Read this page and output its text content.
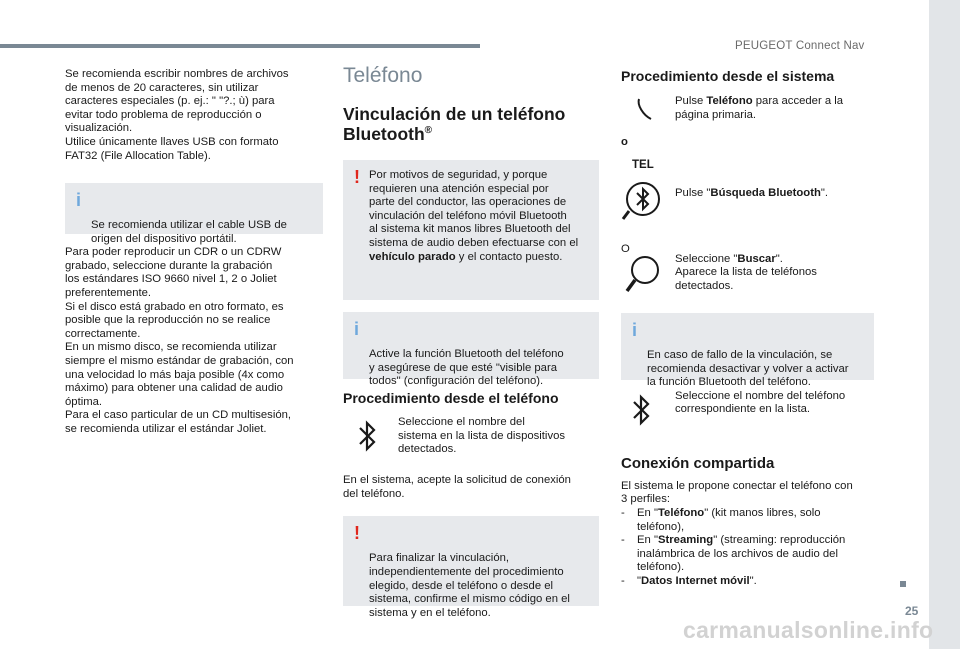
PEUGEOT Connect Nav
25
carmanualsonline.info
Se recomienda escribir nombres de archivos
de menos de 20 caracteres, sin utilizar
caracteres especiales (p. ej.: " "?.; ù) para
evitar todo problema de reproducción o
visualización.
Utilice únicamente llaves USB con formato
FAT32 (File Allocation Table).

i

Se recomienda utilizar el cable USB de
origen del dispositivo portátil.

Para poder reproducir un CDR o un CDRW
grabado, seleccione durante la grabación
los estándares ISO 9660 nivel 1, 2 o Joliet
preferentemente.
Si el disco está grabado en otro formato, es
posible que la reproducción no se realice
correctamente.
En un mismo disco, se recomienda utilizar
siempre el mismo estándar de grabación, con
una velocidad lo más baja posible (4x como
máximo) para obtener una calidad de audio
óptima.
Para el caso particular de un CD multisesión,
se recomienda utilizar el estándar Joliet.
Teléfono
Vinculación de un teléfono
Bluetooth®
! Por motivos de seguridad, y porque
requieren una atención especial por
parte del conductor, las operaciones de
vinculación del teléfono móvil Bluetooth
al sistema kit manos libres Bluetooth del
sistema de audio deben efectuarse con el
vehículo parado y el contacto puesto.

i

Active la función Bluetooth del teléfono
y asegúrese de que esté "visible para
todos" (configuración del teléfono).

Procedimiento desde el teléfono
Seleccione el nombre del
sistema en la lista de dispositivos
detectados.
En el sistema, acepte la solicitud de conexión
del teléfono.

!

Para finalizar la vinculación,
independientemente del procedimiento
elegido, desde el teléfono o desde el
sistema, confirme el mismo código en el
sistema y en el teléfono.

Procedimiento desde el sistema
Pulse Teléfono para acceder a la
página primaria.
o
TEL
Pulse "Búsqueda Bluetooth".
O
Seleccione "Buscar".
Aparece la lista de teléfonos
detectados.

i

En caso de fallo de la vinculación, se
recomienda desactivar y volver a activar
la función Bluetooth del teléfono.

Seleccione el nombre del teléfono
correspondiente en la lista.
Conexión compartida
El sistema le propone conectar el teléfono con
3 perfiles:
- En "Teléfono" (kit manos libres, solo
teléfono),
- En "Streaming" (streaming: reproducción
inalámbrica de los archivos de audio del
teléfono).
- "Datos Internet móvil".
